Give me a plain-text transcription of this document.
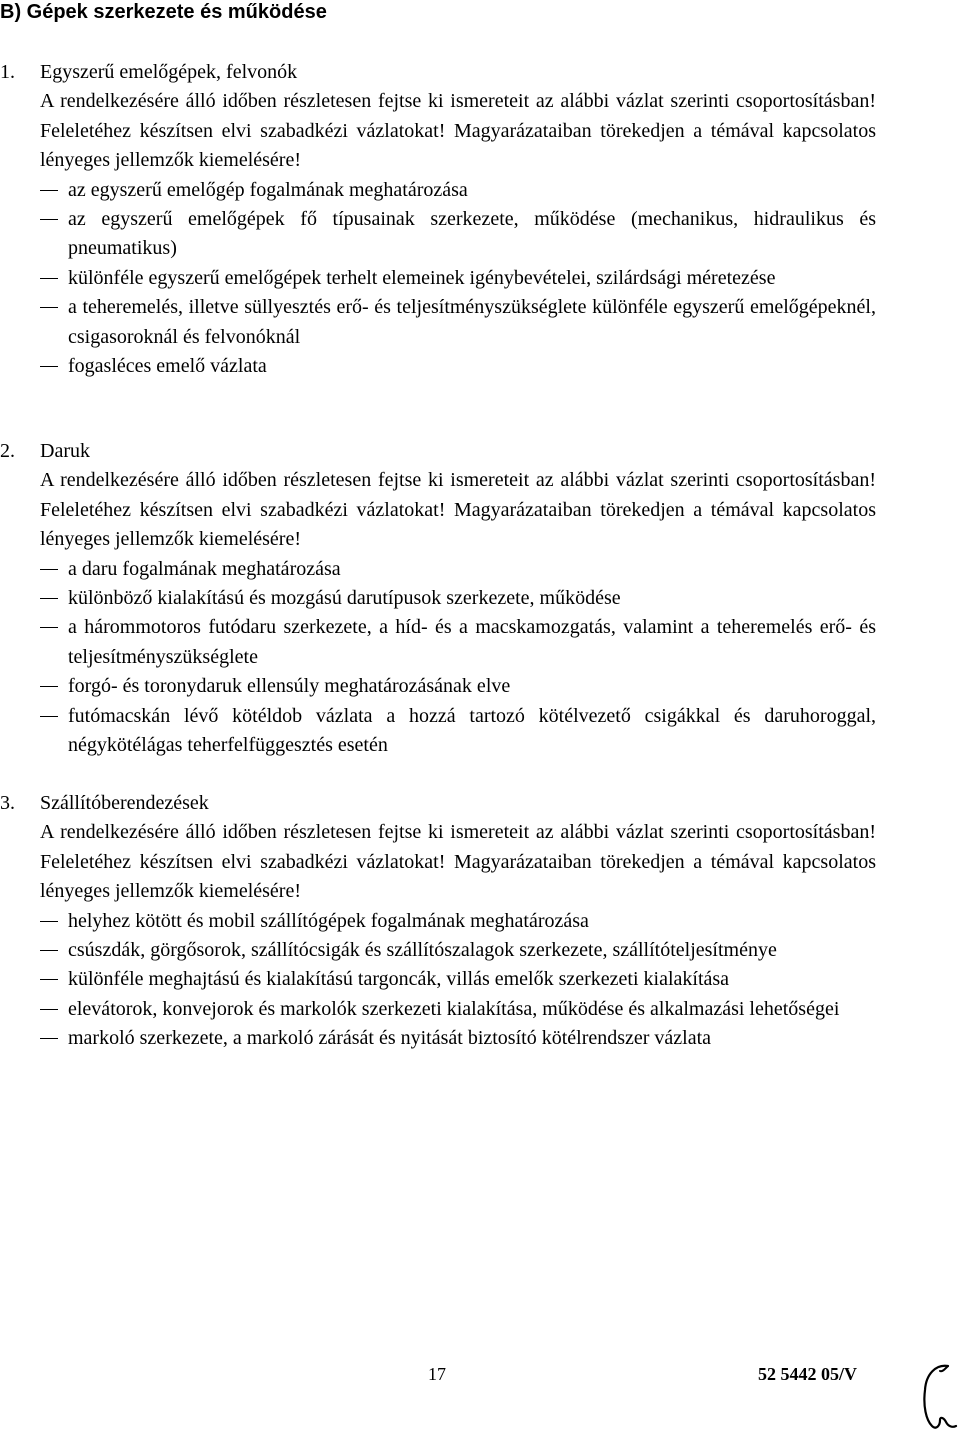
B) Gépek szerkezete és működése
1. Egyszerű emelőgépek, felvonók
A rendelkezésére álló időben részletesen fejtse ki ismereteit az alábbi vázlat szerinti csoportosításban! Feleletéhez készítsen elvi szabadkézi vázlatokat! Magyarázataiban törekedjen a témával kapcsolatos lényeges jellemzők kiemelésére!
az egyszerű emelőgép fogalmának meghatározása
az egyszerű emelőgépek fő típusainak szerkezete, működése (mechanikus, hidraulikus és pneumatikus)
különféle egyszerű emelőgépek terhelt elemeinek igénybevételei, szilárdsági méretezése
a teheremelés, illetve süllyesztés erő- és teljesítményszükséglete különféle egyszerű emelőgépeknél, csigasoroknál és felvonóknál
fogasléces emelő vázlata
2. Daruk
A rendelkezésére álló időben részletesen fejtse ki ismereteit az alábbi vázlat szerinti csoportosításban! Feleletéhez készítsen elvi szabadkézi vázlatokat! Magyarázataiban törekedjen a témával kapcsolatos lényeges jellemzők kiemelésére!
a daru fogalmának meghatározása
különböző kialakítású és mozgású darutípusok szerkezete, működése
a hárommotoros futódaru szerkezete, a híd- és a macskamozgatás, valamint a teheremelés erő- és teljesítményszükséglete
forgó- és toronydaruk ellensúly meghatározásának elve
futómacskán lévő kötéldob vázlata a hozzá tartozó kötélvezető csigákkal és daruhoroggal, négykötélágas teherfelfüggesztés esetén
3. Szállítóberendezések
A rendelkezésére álló időben részletesen fejtse ki ismereteit az alábbi vázlat szerinti csoportosításban! Feleletéhez készítsen elvi szabadkézi vázlatokat! Magyarázataiban törekedjen a témával kapcsolatos lényeges jellemzők kiemelésére!
helyhez kötött és mobil szállítógépek fogalmának meghatározása
csúszdák, görgősorok, szállítócsigák és szállítószalagok szerkezete, szállítóteljesítménye
különféle meghajtású és kialakítású targoncák, villás emelők szerkezeti kialakítása
elevátorok, konvejorok és markolók szerkezeti kialakítása, működése és alkalmazási lehetőségei
markoló szerkezete, a markoló zárását és nyitását biztosító kötélrendszer vázlata
17	52 5442 05/V
